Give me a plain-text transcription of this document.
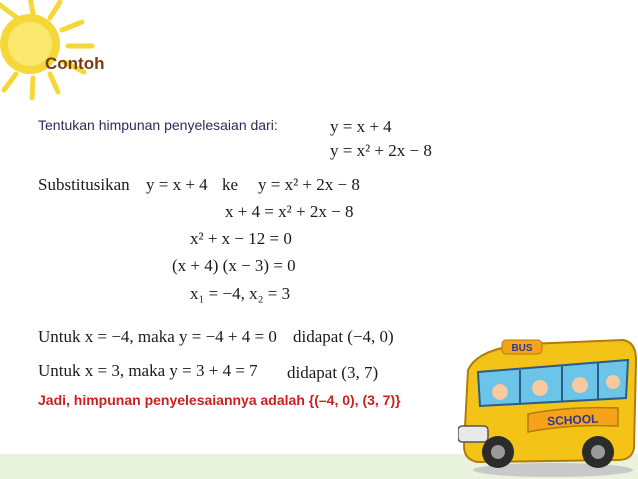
Contoh
Tentukan himpunan penyelesaian dari:	y = x + 4
y = x² + 2x − 8
Substitusikan y = x + 4 ke y = x² + 2x − 8
x + 4 = x² + 2x − 8
x² + x − 12 = 0
(x + 4) (x − 3) = 0
x₁ = −4, x₂ = 3
Untuk x = −4, maka y = −4 + 4 = 0 didapat (−4, 0)
Untuk x = 3, maka y = 3 + 4 = 7 didapat (3, 7)
Jadi, himpunan penyelesaiannya adalah {(–4, 0), (3, 7)}
BUS
SCHOOL
